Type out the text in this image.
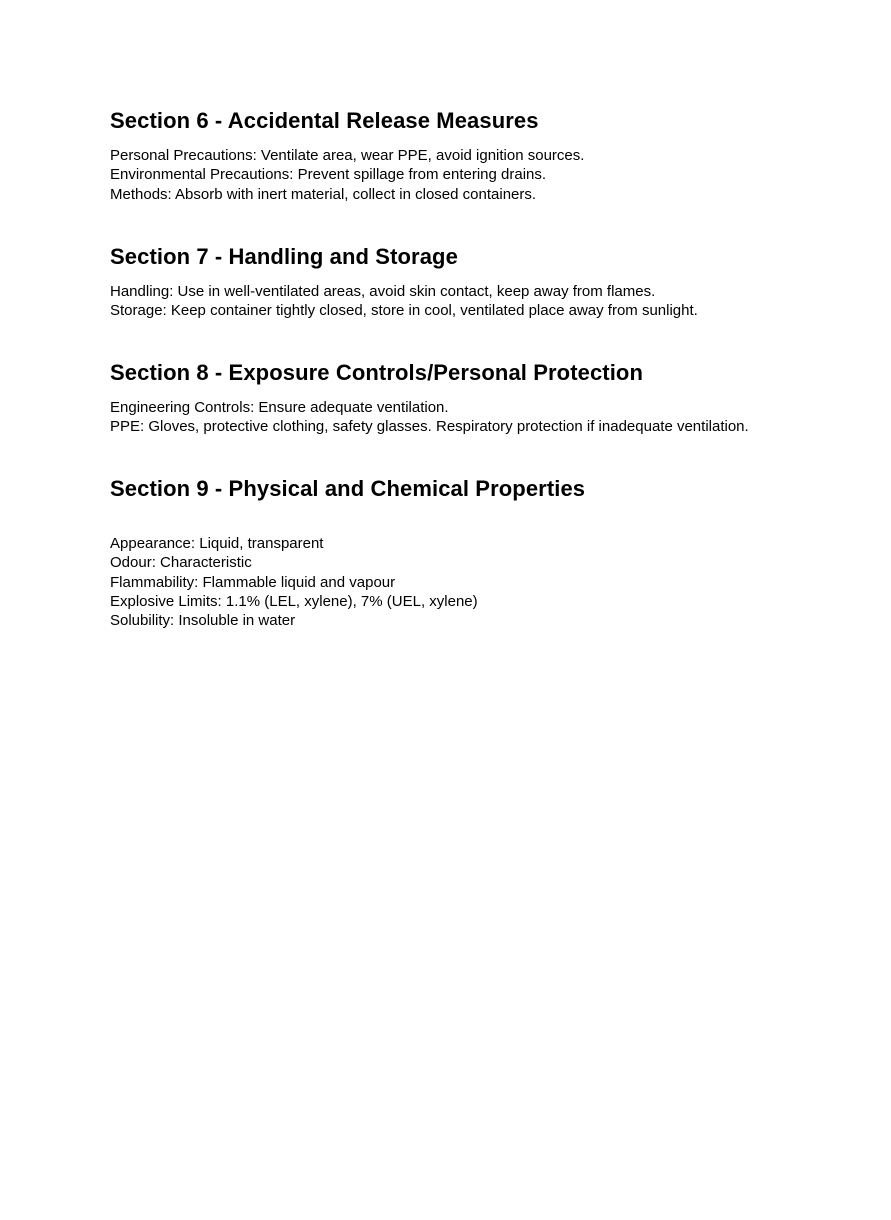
Section 6 - Accidental Release Measures
Personal Precautions: Ventilate area, wear PPE, avoid ignition sources.
Environmental Precautions: Prevent spillage from entering drains.
Methods: Absorb with inert material, collect in closed containers.
Section 7 - Handling and Storage
Handling: Use in well-ventilated areas, avoid skin contact, keep away from flames.
Storage: Keep container tightly closed, store in cool, ventilated place away from sunlight.
Section 8 - Exposure Controls/Personal Protection
Engineering Controls: Ensure adequate ventilation.
PPE: Gloves, protective clothing, safety glasses. Respiratory protection if inadequate ventilation.
Section 9 - Physical and Chemical Properties
Appearance: Liquid, transparent
Odour: Characteristic
Flammability: Flammable liquid and vapour
Explosive Limits: 1.1% (LEL, xylene), 7% (UEL, xylene)
Solubility: Insoluble in water
